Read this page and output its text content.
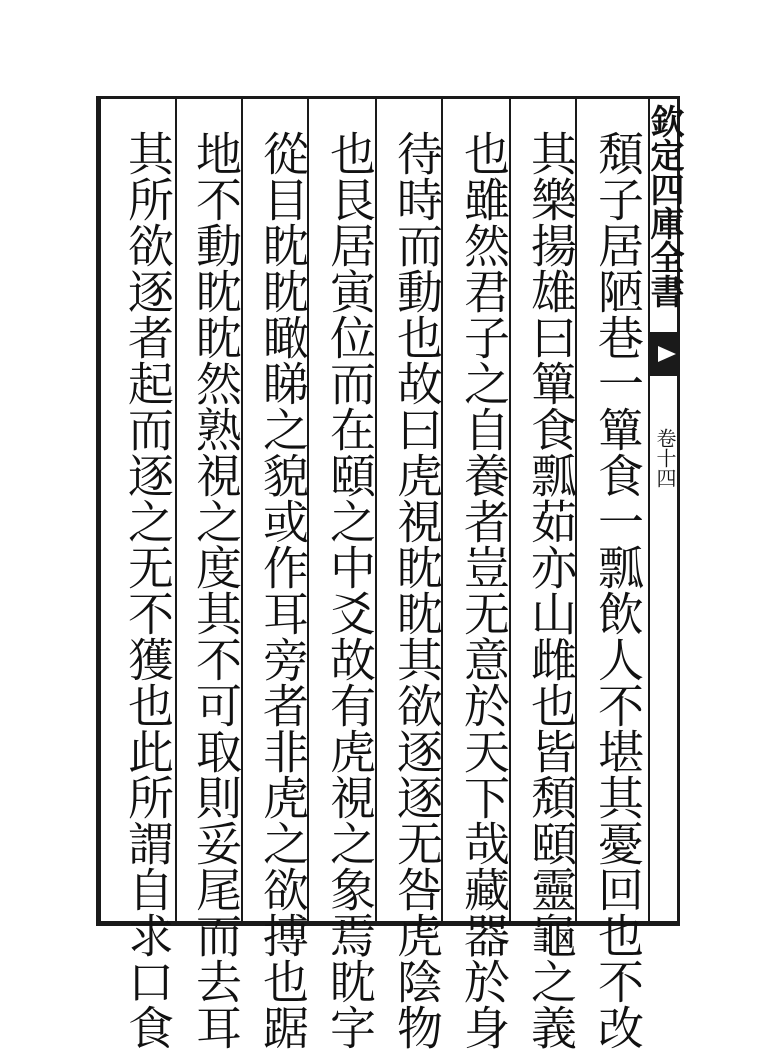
欽定四庫全書
卷十四
頽子居陋巷一簞食一瓢飲人不堪其憂回也不改
其樂揚雄曰簞食瓢茹亦山雌也皆頽頤靈龜之義
也雖然君子之自養者豈无意於天下哉藏器於身
待時而動也故曰虎視眈眈其欲逐逐无咎虎陰物
也艮居寅位而在頤之中爻故有虎視之象焉眈字
從目眈眈瞰睇之貌或作耳旁者非虎之欲搏也踞
地不動眈眈然熟視之度其不可取則妥尾而去耳
其所欲逐者起而逐之无不獲也此所謂自求口食
